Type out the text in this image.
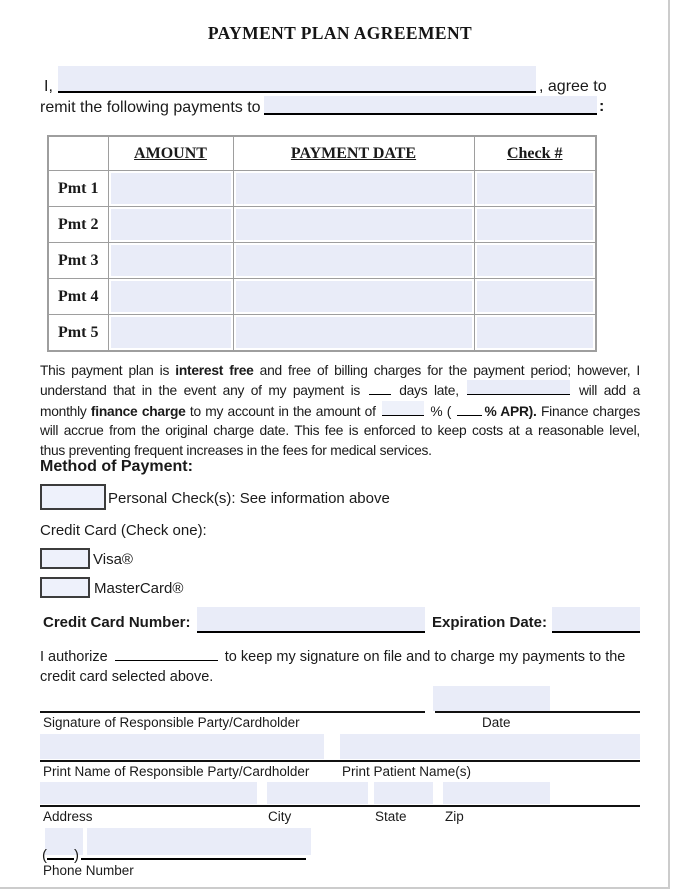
PAYMENT PLAN AGREEMENT
I,	, agree to
remit the following payments to	:
	AMOUNT	PAYMENT DATE	Check #
Pmt 1	

Pmt 2	

Pmt 3	

Pmt 4	

Pmt 5	

This payment plan is interest free and free of billing charges for the payment period; however, I
understand that in the event any of my payment is  days late,	will add a
monthly finance charge to my account in the amount of	% ( % APR). Finance charges
will accrue from the original charge date. This fee is enforced to keep costs at a reasonable level,
thus preventing frequent increases in the fees for medical services.
Method of Payment:
Personal Check(s): See information above
Credit Card (Check one):
Visa®
MasterCard®
Credit Card Number:	Expiration Date:
I authorize	to keep my signature on file and to charge my payments to the credit card selected above.
Signature of Responsible Party/Cardholder	Date
Print Name of Responsible Party/Cardholder Print Patient Name(s)
Address	City	State	Zip
( )
Phone Number
